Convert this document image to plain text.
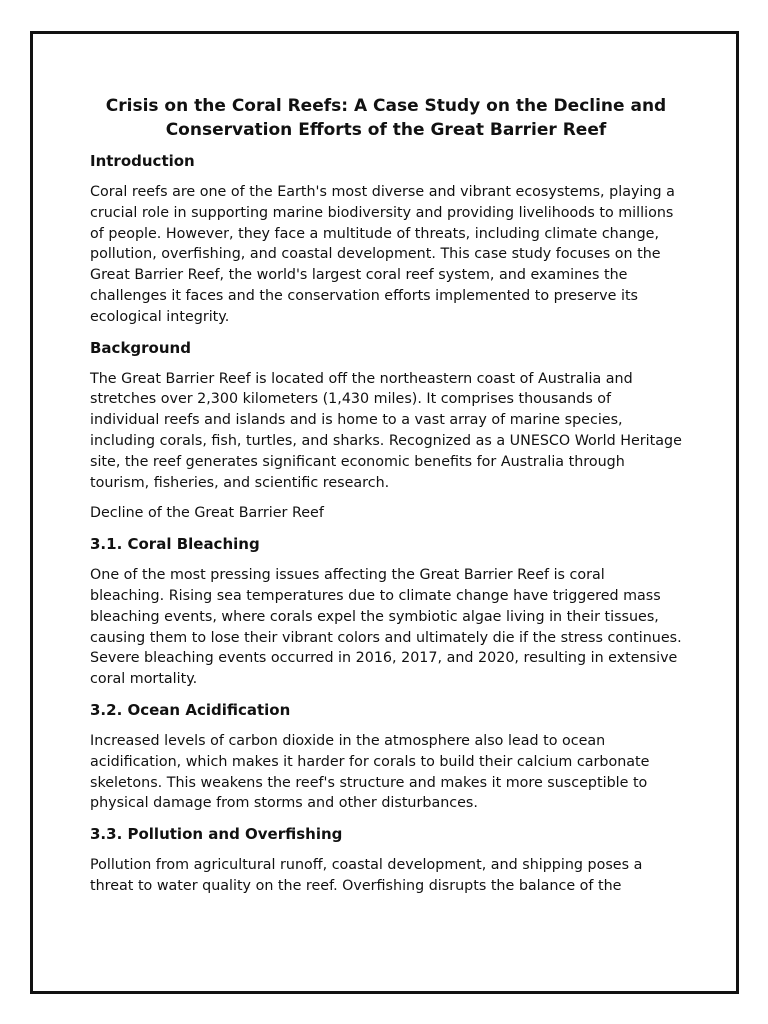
Crisis on the Coral Reefs: A Case Study on the Decline and Conservation Efforts of the Great Barrier Reef
Introduction

Coral reefs are one of the Earth's most diverse and vibrant ecosystems, playing a crucial role in supporting marine biodiversity and providing livelihoods to millions of people. However, they face a multitude of threats, including climate change, pollution, overfishing, and coastal development. This case study focuses on the Great Barrier Reef, the world's largest coral reef system, and examines the challenges it faces and the conservation efforts implemented to preserve its ecological integrity.

Background

The Great Barrier Reef is located off the northeastern coast of Australia and stretches over 2,300 kilometers (1,430 miles). It comprises thousands of individual reefs and islands and is home to a vast array of marine species, including corals, fish, turtles, and sharks. Recognized as a UNESCO World Heritage site, the reef generates significant economic benefits for Australia through tourism, fisheries, and scientific research.

Decline of the Great Barrier Reef

3.1. Coral Bleaching

One of the most pressing issues affecting the Great Barrier Reef is coral bleaching. Rising sea temperatures due to climate change have triggered mass bleaching events, where corals expel the symbiotic algae living in their tissues, causing them to lose their vibrant colors and ultimately die if the stress continues. Severe bleaching events occurred in 2016, 2017, and 2020, resulting in extensive coral mortality.

3.2. Ocean Acidification

Increased levels of carbon dioxide in the atmosphere also lead to ocean acidification, which makes it harder for corals to build their calcium carbonate skeletons. This weakens the reef's structure and makes it more susceptible to physical damage from storms and other disturbances.

3.3. Pollution and Overfishing

Pollution from agricultural runoff, coastal development, and shipping poses a threat to water quality on the reef. Overfishing disrupts the balance of the
